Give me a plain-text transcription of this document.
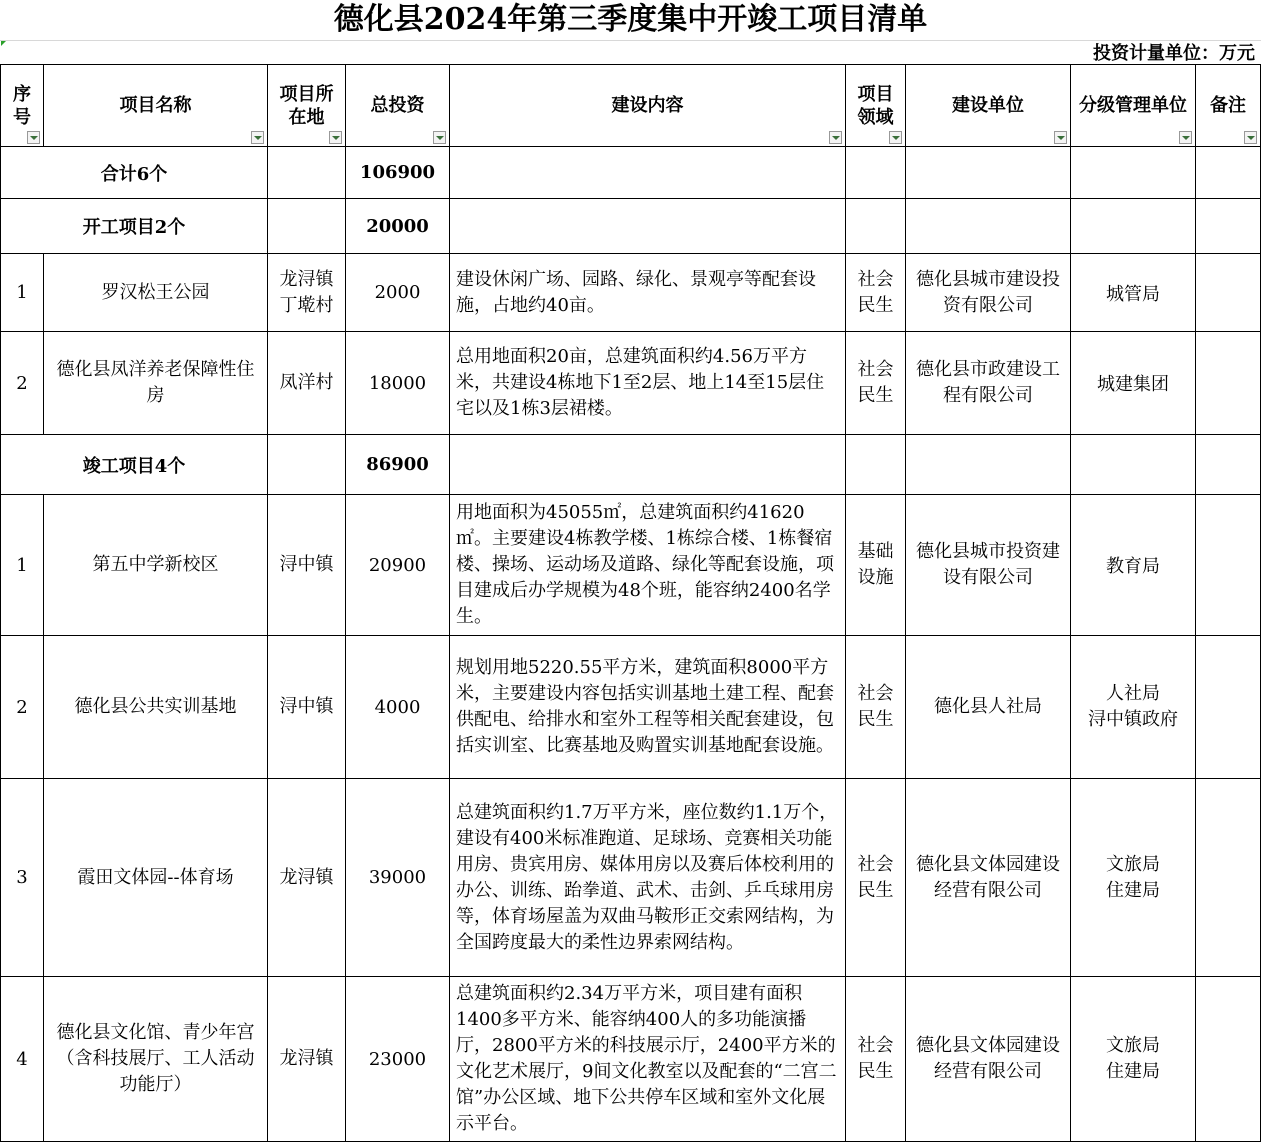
德化县2024年第三季度集中开竣工项目清单
投资计量单位：万元
序号	项目名称	项目所在地	总投资	建设内容	项目领域	建设单位	分级管理单位	备注

合计6个			106900					
开工项目2个			20000					
1	罗汉松王公园	龙浔镇丁墘村	2000	建设休闲广场、园路、绿化、景观亭等配套设施，占地约40亩。	社会民生	德化县城市建设投资有限公司	城管局	
2	德化县凤洋养老保障性住房	凤洋村	18000	总用地面积20亩，总建筑面积约4.56万平方米，共建设4栋地下1至2层、地上14至15层住宅以及1栋3层裙楼。	社会民生	德化县市政建设工程有限公司	城建集团	
竣工项目4个			86900					
1	第五中学新校区	浔中镇	20900	用地面积为45055㎡，总建筑面积约41620㎡。主要建设4栋教学楼、1栋综合楼、1栋餐宿楼、操场、运动场及道路、绿化等配套设施，项目建成后办学规模为48个班，能容纳2400名学生。	基础设施	德化县城市投资建设有限公司	教育局	
2	德化县公共实训基地	浔中镇	4000	规划用地5220.55平方米，建筑面积8000平方米，主要建设内容包括实训基地土建工程、配套供配电、给排水和室外工程等相关配套建设，包括实训室、比赛基地及购置实训基地配套设施。	社会民生	德化县人社局	人社局
浔中镇政府	

3	霞田文体园--体育场	龙浔镇	39000	总建筑面积约1.7万平方米，座位数约1.1万个，建设有400米标准跑道、足球场、竞赛相关功能用房、贵宾用房、媒体用房以及赛后体校利用的办公、训练、跆拳道、武术、击剑、乒乓球用房等，体育场屋盖为双曲马鞍形正交索网结构，为全国跨度最大的柔性边界索网结构。	社会民生	德化县文体园建设经营有限公司	文旅局
住建局	

4	德化县文化馆、青少年宫（含科技展厅、工人活动功能厅）	龙浔镇	23000	总建筑面积约2.34万平方米，项目建有面积1400多平方米、能容纳400人的多功能演播厅，2800平方米的科技展示厅，2400平方米的文化艺术展厅，9间文化教室以及配套的“二宫二馆”办公区域、地下公共停车区域和室外文化展示平台。	社会民生	德化县文体园建设经营有限公司	文旅局
住建局	
